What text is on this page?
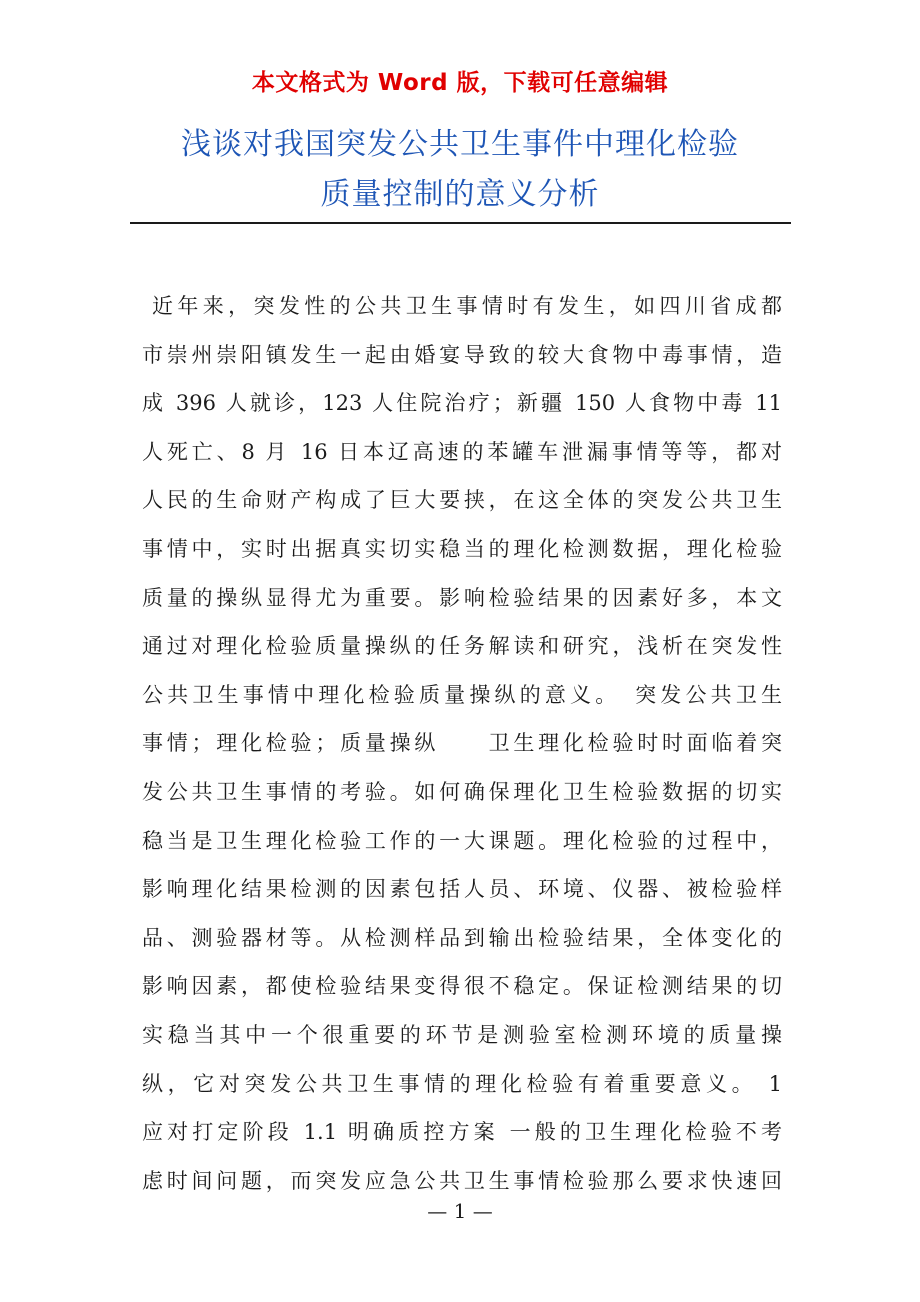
本文格式为 Word 版，下载可任意编辑
浅谈对我国突发公共卫生事件中理化检验
质量控制的意义分析
近年来，突发性的公共卫生事情时有发生，如四川省成都
市崇州崇阳镇发生一起由婚宴导致的较大食物中毒事情，造
成 396 人就诊，123 人住院治疗；新疆 150 人食物中毒 11
人死亡、8 月 16 日本辽高速的苯罐车泄漏事情等等，都对
人民的生命财产构成了巨大要挟，在这全体的突发公共卫生
事情中，实时出据真实切实稳当的理化检测数据，理化检验
质量的操纵显得尤为重要。影响检验结果的因素好多，本文
通过对理化检验质量操纵的任务解读和研究，浅析在突发性
公共卫生事情中理化检验质量操纵的意义。　突发公共卫生
事情；理化检验；质量操纵　　卫生理化检验时时面临着突
发公共卫生事情的考验。如何确保理化卫生检验数据的切实
稳当是卫生理化检验工作的一大课题。理化检验的过程中，
影响理化结果检测的因素包括人员、环境、仪器、被检验样
品、测验器材等。从检测样品到输出检验结果，全体变化的
影响因素，都使检验结果变得很不稳定。保证检测结果的切
实稳当其中一个很重要的环节是测验室检测环境的质量操
纵，它对突发公共卫生事情的理化检验有着重要意义。 1
应对打定阶段 1.1 明确质控方案 一般的卫生理化检验不考
虑时间问题，而突发应急公共卫生事情检验那么要求快速回
— 1 —
